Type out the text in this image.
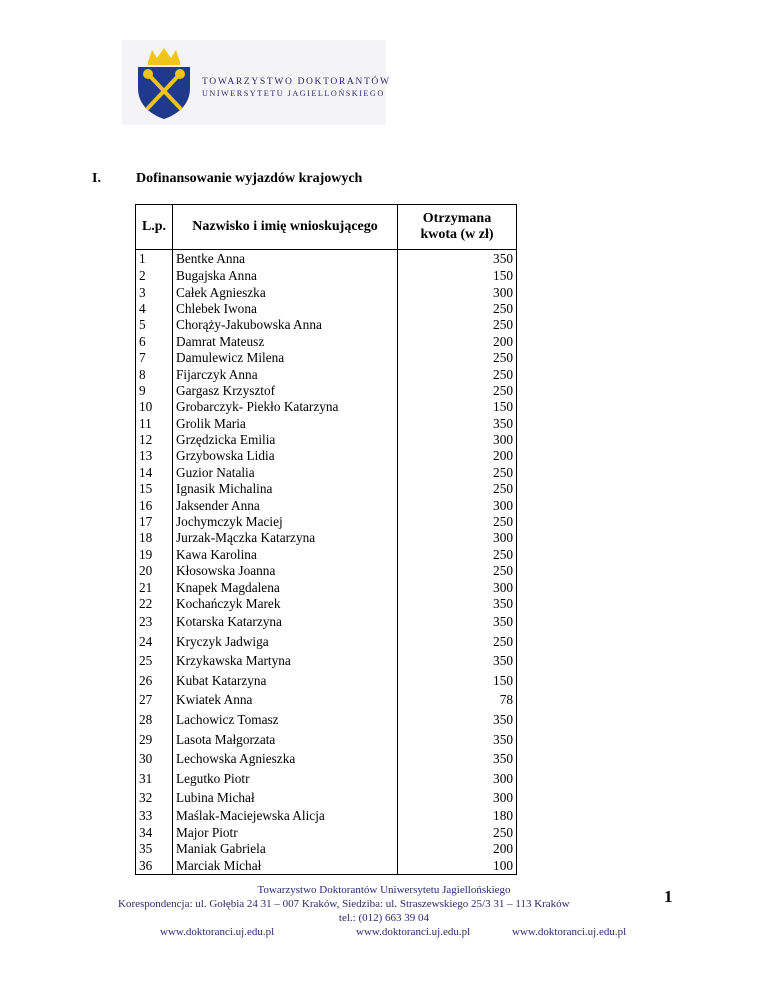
TOWARZYSTWO DOKTORANTÓW
UNIWERSYTETU JAGIELLOŃSKIEGO
I.	Dofinansowanie wyjazdów krajowych
L.p.	Nazwisko i imię wnioskującego	Otrzymana
kwota (w zł)

1	Bentke Anna	350
2	Bugajska Anna	150
3	Całek Agnieszka	300
4	Chlebek Iwona	250
5	Chorąży-Jakubowska Anna	250
6	Damrat Mateusz	200
7	Damulewicz Milena	250
8	Fijarczyk Anna	250
9	Gargasz Krzysztof	250
10	Grobarczyk- Piekło Katarzyna	150
11	Grolik Maria	350
12	Grzędzicka Emilia	300
13	Grzybowska Lidia	200
14	Guzior Natalia	250
15	Ignasik Michalina	250
16	Jaksender Anna	300
17	Jochymczyk Maciej	250
18	Jurzak-Mączka Katarzyna	300
19	Kawa Karolina	250
20	Kłosowska Joanna	250
21	Knapek Magdalena	300
22	Kochańczyk Marek	350
23	Kotarska Katarzyna	350
24	Kryczyk Jadwiga	250
25	Krzykawska Martyna	350
26	Kubat Katarzyna	150
27	Kwiatek Anna	78
28	Lachowicz Tomasz	350
29	Lasota Małgorzata	350
30	Lechowska Agnieszka	350
31	Legutko Piotr	300
32	Lubina Michał	300
33	Maślak-Maciejewska Alicja	180
34	Major Piotr	250
35	Maniak Gabriela	200
36	Marciak Michał	100
Towarzystwo Doktorantów Uniwersytetu Jagiellońskiego
Korespondencja: ul. Gołębia 24 31 – 007 Kraków, Siedziba: ul. Straszewskiego 25/3 31 – 113 Kraków
tel.: (012) 663 39 04
www.doktoranci.uj.edu.pl	www.doktoranci.uj.edu.pl	www.doktoranci.uj.edu.pl
1
